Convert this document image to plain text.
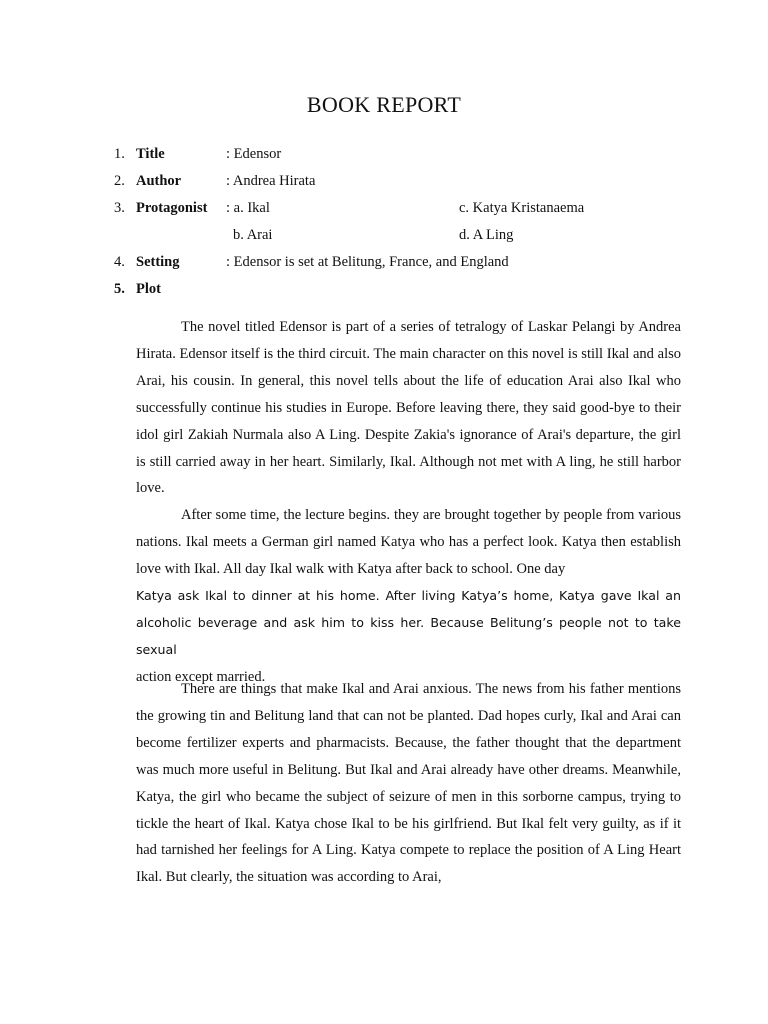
BOOK REPORT
1. Title	: Edensor
2. Author	: Andrea Hirata
3. Protagonist : a. Ikal	c. Katya Kristanaema
b. Arai	d. A Ling
4. Setting	: Edensor is set at Belitung, France, and England
5. Plot

The novel titled Edensor is part of a series of tetralogy of Laskar Pelangi by Andrea Hirata. Edensor itself is the third circuit. The main character on this novel is still Ikal and also Arai, his cousin. In general, this novel tells about the life of education Arai also Ikal who successfully continue his studies in Europe. Before leaving there, they said good-bye to their idol girl Zakiah Nurmala also A Ling. Despite Zakia's ignorance of Arai's departure, the girl is still carried away in her heart. Similarly, Ikal. Although not met with A ling, he still harbor love.

After some time, the lecture begins. they are brought together by people from various nations. Ikal meets a German girl named Katya who has a perfect look. Katya then establish love with Ikal. All day Ikal walk with Katya after back to school. One day

Katya ask Ikal to dinner at his home. After living Katya’s home, Katya gave Ikal an alcoholic beverage and ask him to kiss her. Because Belitung’s people not to take sexual
action except married.

There are things that make Ikal and Arai anxious. The news from his father mentions the growing tin and Belitung land that can not be planted. Dad hopes curly, Ikal and Arai can become fertilizer experts and pharmacists. Because, the father thought that the department was much more useful in Belitung. But Ikal and Arai already have other dreams. Meanwhile, Katya, the girl who became the subject of seizure of men in this sorborne campus, trying to tickle the heart of Ikal. Katya chose Ikal to be his girlfriend. But Ikal felt very guilty, as if it had tarnished her feelings for A Ling. Katya compete to replace the position of A Ling Heart Ikal. But clearly, the situation was according to Arai,
